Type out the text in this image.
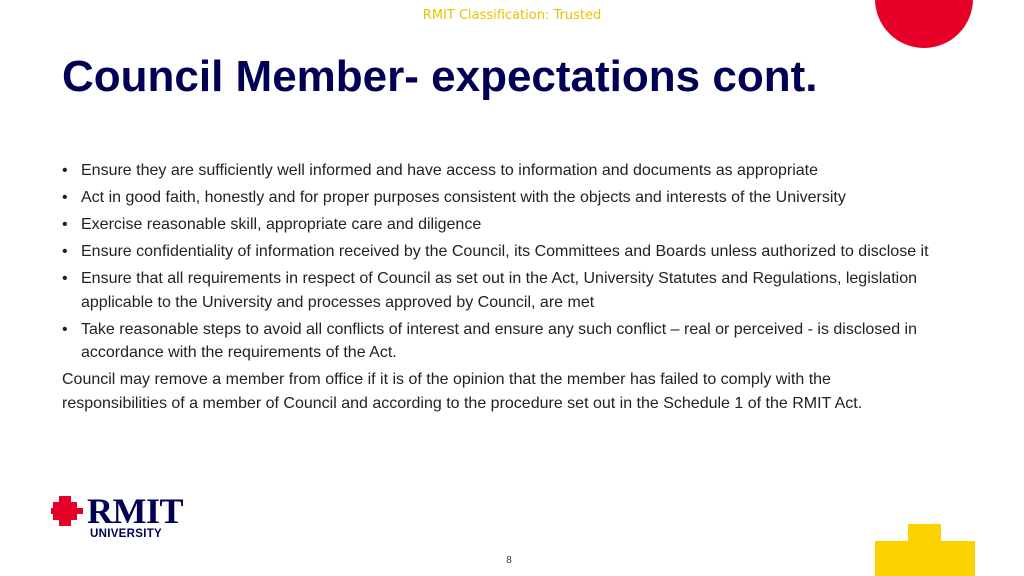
RMIT Classification: Trusted
Council Member- expectations cont.
• Ensure they are sufficiently well informed and have access to information and documents as appropriate
• Act in good faith, honestly and for proper purposes consistent with the objects and interests of the University
• Exercise reasonable skill, appropriate care and diligence
• Ensure confidentiality of information received by the Council, its Committees and Boards unless authorized to disclose it
• Ensure that all requirements in respect of Council as set out in the Act, University Statutes and Regulations, legislation applicable to the University and processes approved by Council, are met
• Take reasonable steps to avoid all conflicts of interest and ensure any such conflict – real or perceived - is disclosed in accordance with the requirements of the Act.

Council may remove a member from office if it is of the opinion that the member has failed to comply with the responsibilities of a member of Council and according to the procedure set out in the Schedule 1 of the RMIT Act.

RMIT
UNIVERSITY
8
